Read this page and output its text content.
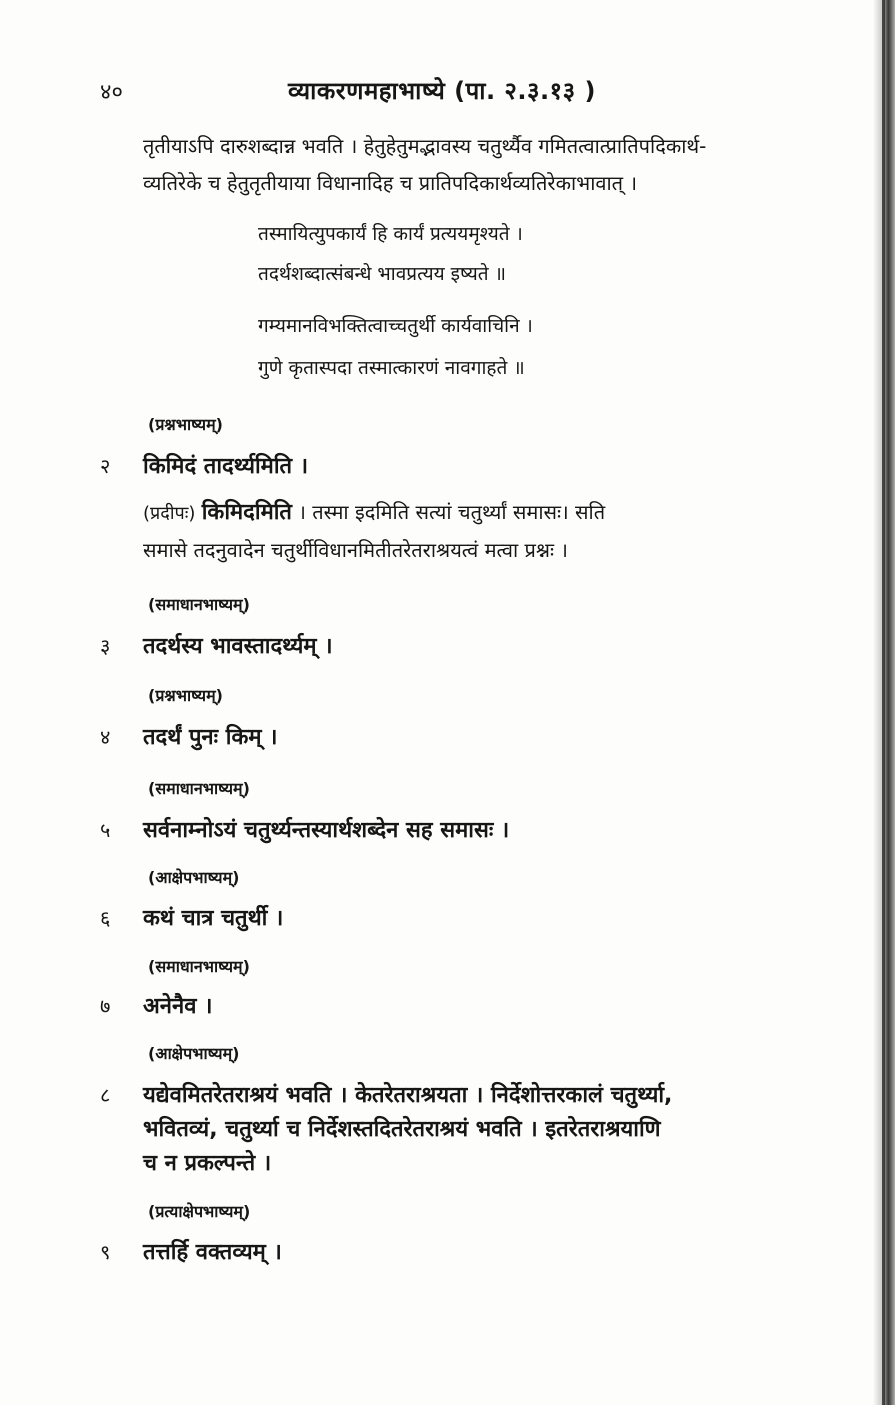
४०	व्याकरणमहाभाष्ये (पा. २.३.१३ )
तृतीयाऽपि दारुशब्दान्न भवति । हेतुहेतुमद्भावस्य चतुर्थ्यैव गमितत्वात्प्रातिपदिकार्थ-
व्यतिरेके च हेतुतृतीयाया विधानादिह च प्रातिपदिकार्थव्यतिरेकाभावात् ।
तस्मायित्युपकार्यं हि कार्यं प्रत्ययमृश्यते ।
तदर्थशब्दात्संबन्धे भावप्रत्यय इष्यते ॥
गम्यमानविभक्तित्वाच्चतुर्थी कार्यवाचिनि ।
गुणे कृतास्पदा तस्मात्कारणं नावगाहते ॥
(प्रश्नभाष्यम्)
२ किमिदं तादर्थ्यमिति ।
(प्रदीपः) किमिदमिति । तस्मा इदमिति सत्यां चतुर्थ्यां समासः। सति
समासे तदनुवादेन चतुर्थीविधानमितीतरेतराश्रयत्वं मत्वा प्रश्नः ।
(समाधानभाष्यम्)
३ तदर्थस्य भावस्तादर्थ्यम् ।
(प्रश्नभाष्यम्)
४ तदर्थं पुनः किम् ।
(समाधानभाष्यम्)
५ सर्वनाम्नोऽयं चतुर्थ्यन्तस्यार्थशब्देन सह समासः ।
(आक्षेपभाष्यम्)
६ कथं चात्र चतुर्थी ।
(समाधानभाष्यम्)
७ अनेनैव ।
(आक्षेपभाष्यम्)
८ यद्येवमितरेतराश्रयं भवति । केतरेतराश्रयता । निर्देशोत्तरकालं चतुर्थ्या,
भवितव्यं, चतुर्थ्या च निर्देशस्तदितरेतराश्रयं भवति । इतरेतराश्रयाणि
च न प्रकल्पन्ते ।
(प्रत्याक्षेपभाष्यम्)
९ तत्तर्हि वक्तव्यम् ।
